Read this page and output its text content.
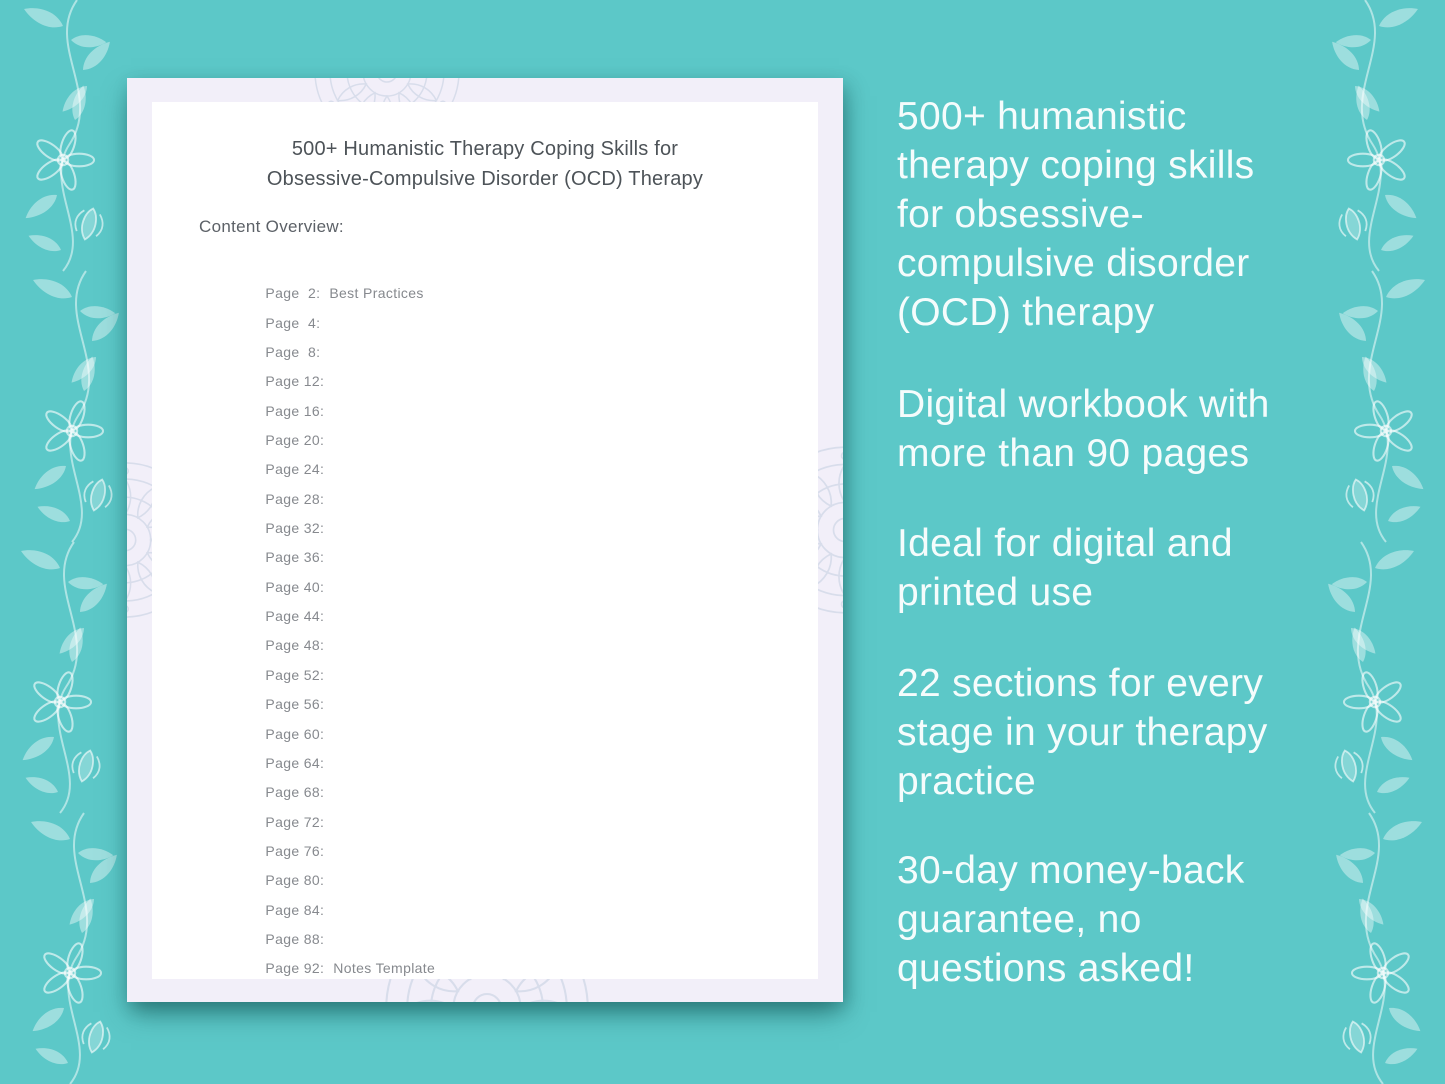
500+ Humanistic Therapy Coping Skills for
Obsessive-Compulsive Disorder (OCD) Therapy
Content Overview:

Page  2: Best Practices

Page  4:

Page  8:

Page 12:

Page 16:

Page 20:

Page 24:

Page 28:

Page 32:

Page 36:

Page 40:

Page 44:

Page 48:

Page 52:

Page 56:

Page 60:

Page 64:

Page 68:

Page 72:

Page 76:

Page 80:

Page 84:

Page 88:

Page 92: Notes Template

500+ humanistic
therapy coping skills
for obsessive-
compulsive disorder
(OCD) therapy
Digital workbook with
more than 90 pages
Ideal for digital and
printed use
22 sections for every
stage in your therapy
practice
30-day money-back
guarantee, no
questions asked!
